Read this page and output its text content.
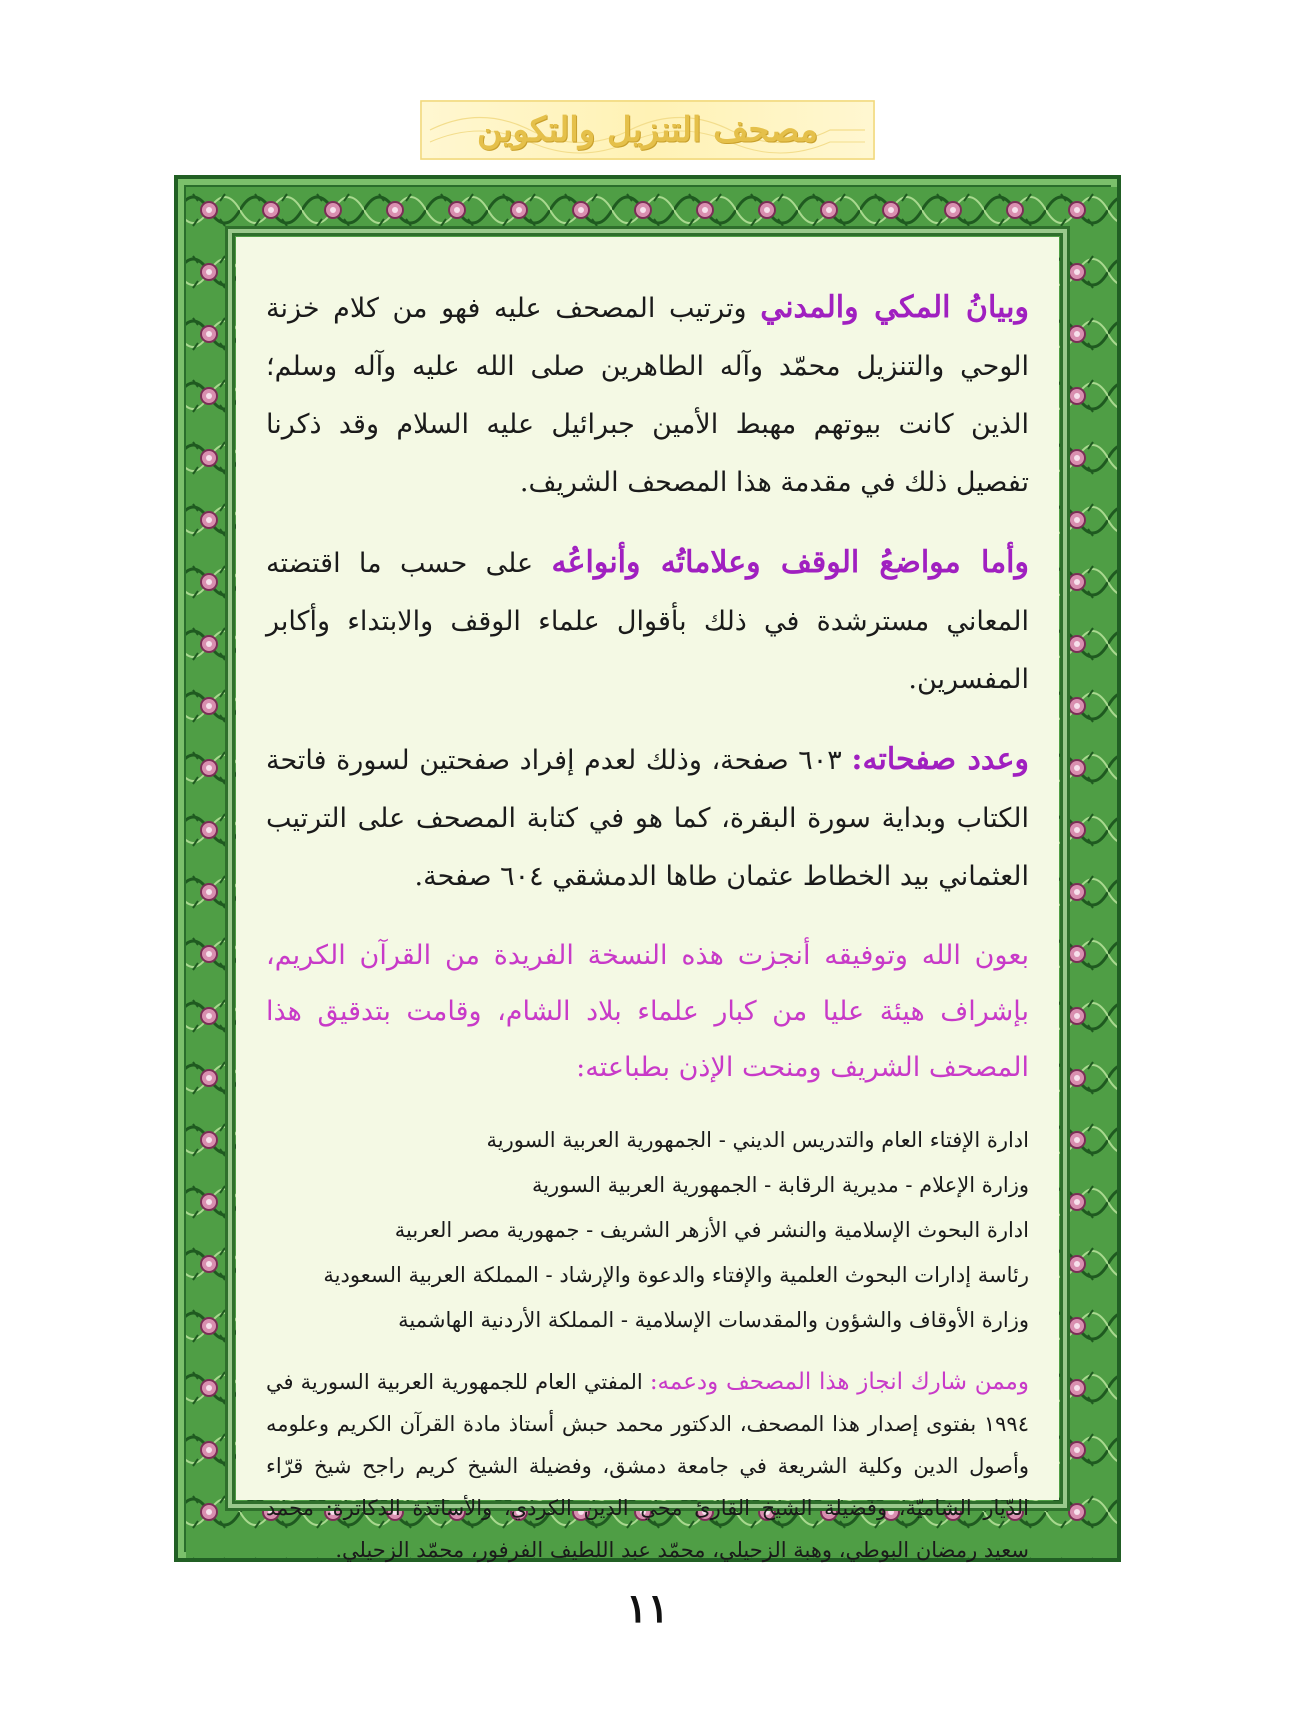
مصحف التنزيل والتكوين

وبيانُ المكي والمدني وترتيب المصحف عليه فهو من كلام خزنة الوحي والتنزيل محمّد وآله الطاهرين صلى الله عليه وآله وسلم؛ الذين كانت بيوتهم مهبط الأمين جبرائيل عليه السلام وقد ذكرنا تفصيل ذلك في مقدمة هذا المصحف الشريف.

وأما مواضعُ الوقف وعلاماتُه وأنواعُه على حسب ما اقتضته المعاني مسترشدة في ذلك بأقوال علماء الوقف والابتداء وأكابر المفسرين.

وعدد صفحاته: ٦٠٣ صفحة، وذلك لعدم إفراد صفحتين لسورة فاتحة الكتاب وبداية سورة البقرة، كما هو في كتابة المصحف على الترتيب العثماني بيد الخطاط عثمان طاها الدمشقي ٦٠٤ صفحة.

بعون الله وتوفيقه أنجزت هذه النسخة الفريدة من القرآن الكريم، بإشراف هيئة عليا من كبار علماء بلاد الشام، وقامت بتدقيق هذا المصحف الشريف ومنحت الإذن بطباعته:

ادارة الإفتاء العام والتدريس الديني - الجمهورية العربية السورية
وزارة الإعلام - مديرية الرقابة - الجمهورية العربية السورية
ادارة البحوث الإسلامية والنشر في الأزهر الشريف - جمهورية مصر العربية
رئاسة إدارات البحوث العلمية والإفتاء والدعوة والإرشاد - المملكة العربية السعودية
وزارة الأوقاف والشؤون والمقدسات الإسلامية - المملكة الأردنية الهاشمية

وممن شارك انجاز هذا المصحف ودعمه: المفتي العام للجمهورية العربية السورية في ١٩٩٤ بفتوى إصدار هذا المصحف، الدكتور محمد حبش أستاذ مادة القرآن الكريم وعلومه وأصول الدين وكلية الشريعة في جامعة دمشق، وفضيلة الشيخ كريم راجح شيخ قرّاء الدّيار الشاميّة، وفضيلة الشيخ القارئ محي الدين الكردي، والأساتذة الدكاترة: محمد سعيد رمضان البوطي، وهبة الزحيلي، محمّد عبد اللطيف الفرفور، محمّد الزحيلي.

١١
